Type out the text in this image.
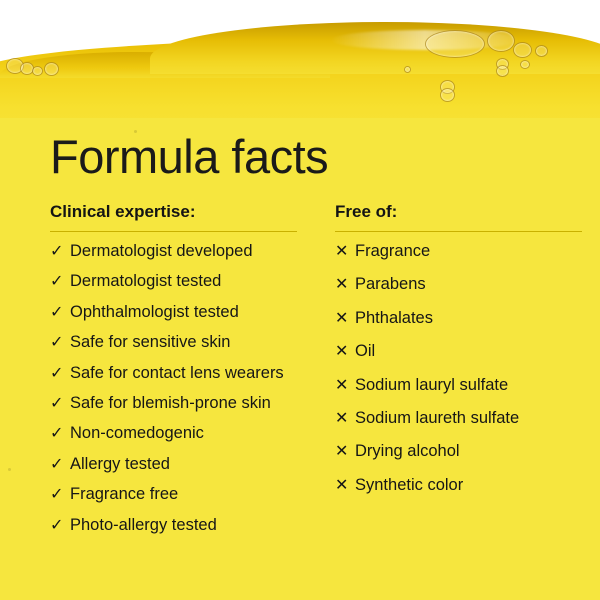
Formula facts
Clinical expertise:
✓ Dermatologist developed
✓ Dermatologist tested
✓ Ophthalmologist tested
✓ Safe for sensitive skin
✓ Safe for contact lens wearers
✓ Safe for blemish-prone skin
✓ Non-comedogenic
✓ Allergy tested
✓ Fragrance free
✓ Photo-allergy tested
Free of:
✕ Fragrance
✕ Parabens
✕ Phthalates
✕ Oil
✕ Sodium lauryl sulfate
✕ Sodium laureth sulfate
✕ Drying alcohol
✕ Synthetic color
